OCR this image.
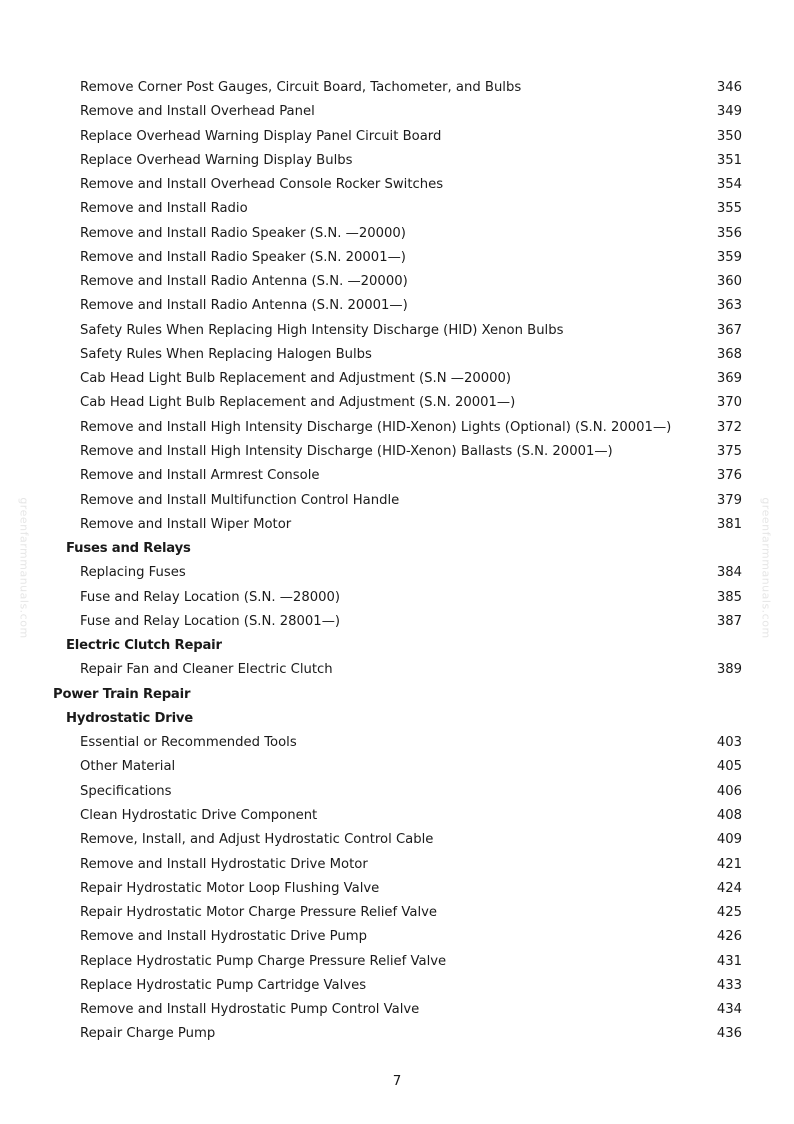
greenfarmmanuals.com	greenfarmmanuals.com
Remove Corner Post Gauges, Circuit Board, Tachometer, and Bulbs	346
Remove and Install Overhead Panel	349
Replace Overhead Warning Display Panel Circuit Board	350
Replace Overhead Warning Display Bulbs	351
Remove and Install Overhead Console Rocker Switches	354
Remove and Install Radio	355
Remove and Install Radio Speaker (S.N. —20000)	356
Remove and Install Radio Speaker (S.N. 20001—)	359
Remove and Install Radio Antenna (S.N. —20000)	360
Remove and Install Radio Antenna (S.N. 20001—)	363
Safety Rules When Replacing High Intensity Discharge (HID) Xenon Bulbs	367
Safety Rules When Replacing Halogen Bulbs	368
Cab Head Light Bulb Replacement and Adjustment (S.N —20000)	369
Cab Head Light Bulb Replacement and Adjustment (S.N. 20001—)	370
Remove and Install High Intensity Discharge (HID-Xenon) Lights (Optional) (S.N. 20001—)	372
Remove and Install High Intensity Discharge (HID-Xenon) Ballasts (S.N. 20001—)	375
Remove and Install Armrest Console	376
Remove and Install Multifunction Control Handle	379
Remove and Install Wiper Motor	381
Fuses and Relays
Replacing Fuses	384
Fuse and Relay Location (S.N. —28000)	385
Fuse and Relay Location (S.N. 28001—)	387
Electric Clutch Repair
Repair Fan and Cleaner Electric Clutch	389
Power Train Repair
Hydrostatic Drive
Essential or Recommended Tools	403
Other Material	405
Specifications	406
Clean Hydrostatic Drive Component	408
Remove, Install, and Adjust Hydrostatic Control Cable	409
Remove and Install Hydrostatic Drive Motor	421
Repair Hydrostatic Motor Loop Flushing Valve	424
Repair Hydrostatic Motor Charge Pressure Relief Valve	425
Remove and Install Hydrostatic Drive Pump	426
Replace Hydrostatic Pump Charge Pressure Relief Valve	431
Replace Hydrostatic Pump Cartridge Valves	433
Remove and Install Hydrostatic Pump Control Valve	434
Repair Charge Pump	436
7
